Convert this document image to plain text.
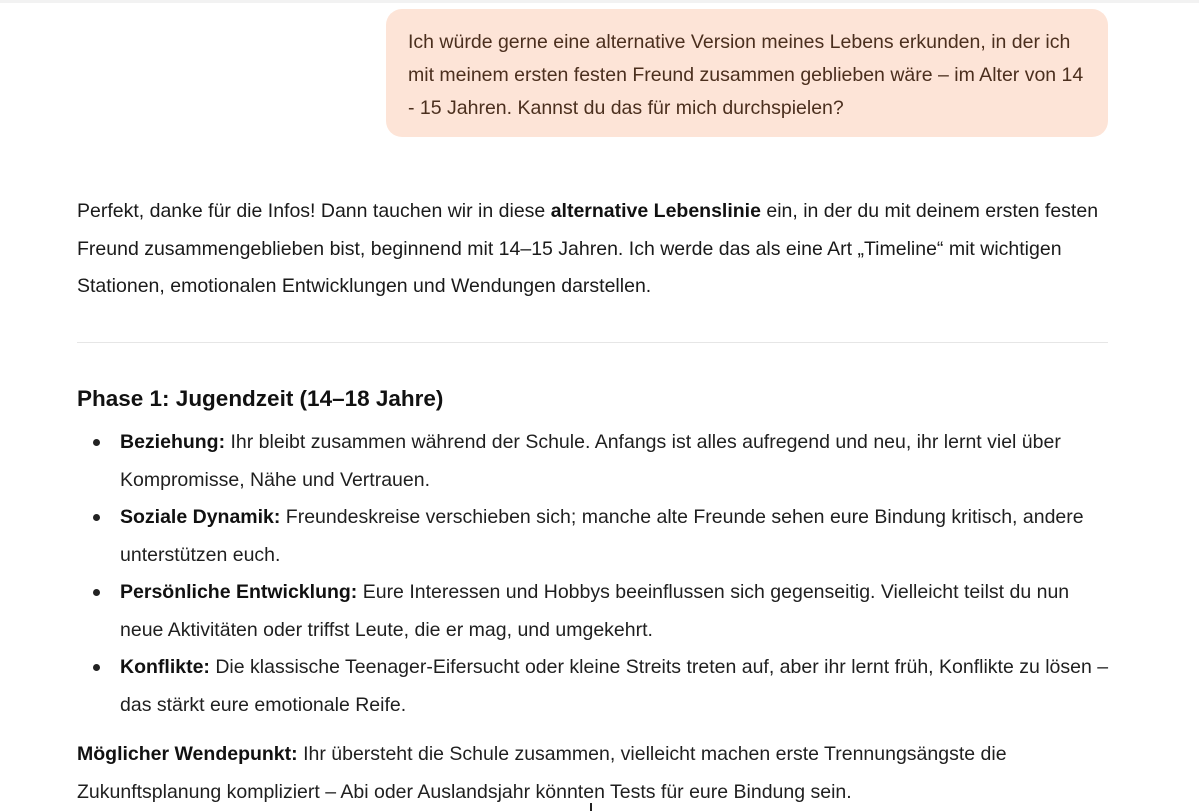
Ich würde gerne eine alternative Version meines Lebens erkunden, in der ich mit meinem ersten festen Freund zusammen geblieben wäre – im Alter von 14 - 15 Jahren. Kannst du das für mich durchspielen?

Perfekt, danke für die Infos! Dann tauchen wir in diese alternative Lebenslinie ein, in der du mit deinem ersten festen Freund zusammengeblieben bist, beginnend mit 14–15 Jahren. Ich werde das als eine Art „Timeline“ mit wichtigen Stationen, emotionalen Entwicklungen und Wendungen darstellen.

Phase 1: Jugendzeit (14–18 Jahre)
Beziehung: Ihr bleibt zusammen während der Schule. Anfangs ist alles aufregend und neu, ihr lernt viel über Kompromisse, Nähe und Vertrauen.
Soziale Dynamik: Freundeskreise verschieben sich; manche alte Freunde sehen eure Bindung kritisch, andere unterstützen euch.
Persönliche Entwicklung: Eure Interessen und Hobbys beeinflussen sich gegenseitig. Vielleicht teilst du nun neue Aktivitäten oder triffst Leute, die er mag, und umgekehrt.
Konflikte: Die klassische Teenager-Eifersucht oder kleine Streits treten auf, aber ihr lernt früh, Konflikte zu lösen – das stärkt eure emotionale Reife.

Möglicher Wendepunkt: Ihr übersteht die Schule zusammen, vielleicht machen erste Trennungsängste die Zukunftsplanung kompliziert – Abi oder Auslandsjahr könnten Tests für eure Bindung sein.
